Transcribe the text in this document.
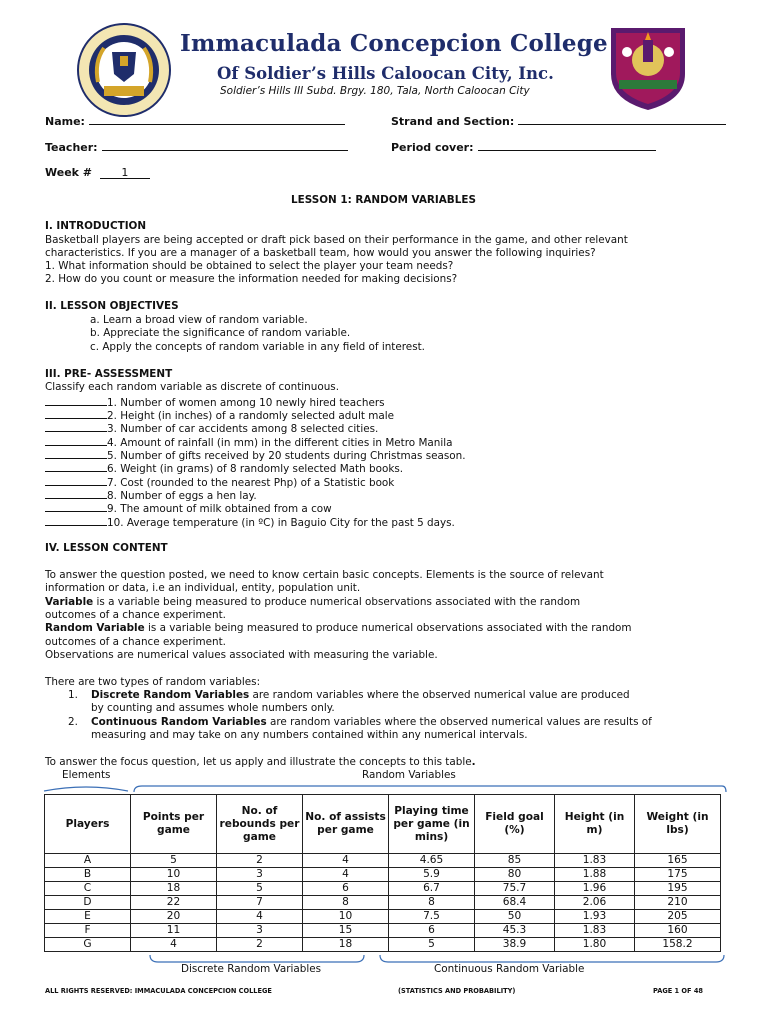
Immaculada Concepcion College
Of Soldier’s Hills Caloocan City, Inc.
Soldier’s Hills III Subd. Brgy. 180, Tala, North Caloocan City
Name:	Strand and Section:
Teacher:	Period cover:
Week #	1
LESSON 1: RANDOM VARIABLES
I. INTRODUCTION
Basketball players are being accepted or draft pick based on their performance in the game, and other relevant
characteristics. If you are a manager of a basketball team, how would you answer the following inquiries?
1. What information should be obtained to select the player your team needs?
2. How do you count or measure the information needed for making decisions?
II. LESSON OBJECTIVES
a. Learn a broad view of random variable.
b. Appreciate the significance of random variable.
c. Apply the concepts of random variable in any field of interest.
III. PRE- ASSESSMENT
Classify each random variable as discrete of continuous.
1. Number of women among 10 newly hired teachers
2. Height (in inches) of a randomly selected adult male
3. Number of car accidents among 8 selected cities.
4. Amount of rainfall (in mm) in the different cities in Metro Manila
5. Number of gifts received by 20 students during Christmas season.
6. Weight (in grams) of 8 randomly selected Math books.
7. Cost (rounded to the nearest Php) of a Statistic book
8. Number of eggs a hen lay.
9. The amount of milk obtained from a cow
10. Average temperature (in ºC) in Baguio City for the past 5 days.
IV. LESSON CONTENT
To answer the question posted, we need to know certain basic concepts. Elements is the source of relevant
information or data, i.e an individual, entity, population unit.
Variable is a variable being measured to produce numerical observations associated with the random
outcomes of a chance experiment.
Random Variable is a variable being measured to produce numerical observations associated with the random
outcomes of a chance experiment.
Observations are numerical values associated with measuring the variable.
There are two types of random variables:
1. Discrete Random Variables are random variables where the observed numerical value are produced
by counting and assumes whole numbers only.
2. Continuous Random Variables are random variables where the observed numerical values are results of
measuring and may take on any numbers contained within any numerical intervals.
To answer the focus question, let us apply and illustrate the concepts to this table.
Elements	Random Variables
Players	Points per game	No. of rebounds per game	No. of assists per game	Playing time per game (in mins)	Field goal (%)	Height (in m)	Weight (in lbs)
A	5	2	4	4.65	85	1.83	165
B	10	3	4	5.9	80	1.88	175
C	18	5	6	6.7	75.7	1.96	195
D	22	7	8	8	68.4	2.06	210
E	20	4	10	7.5	50	1.93	205
F	11	3	15	6	45.3	1.83	160
G	4	2	18	5	38.9	1.80	158.2
Discrete Random Variables	Continuous Random Variable
ALL RIGHTS RESERVED: IMMACULADA CONCEPCION COLLEGE	(STATISTICS AND PROBABILITY)	PAGE 1 OF 48
